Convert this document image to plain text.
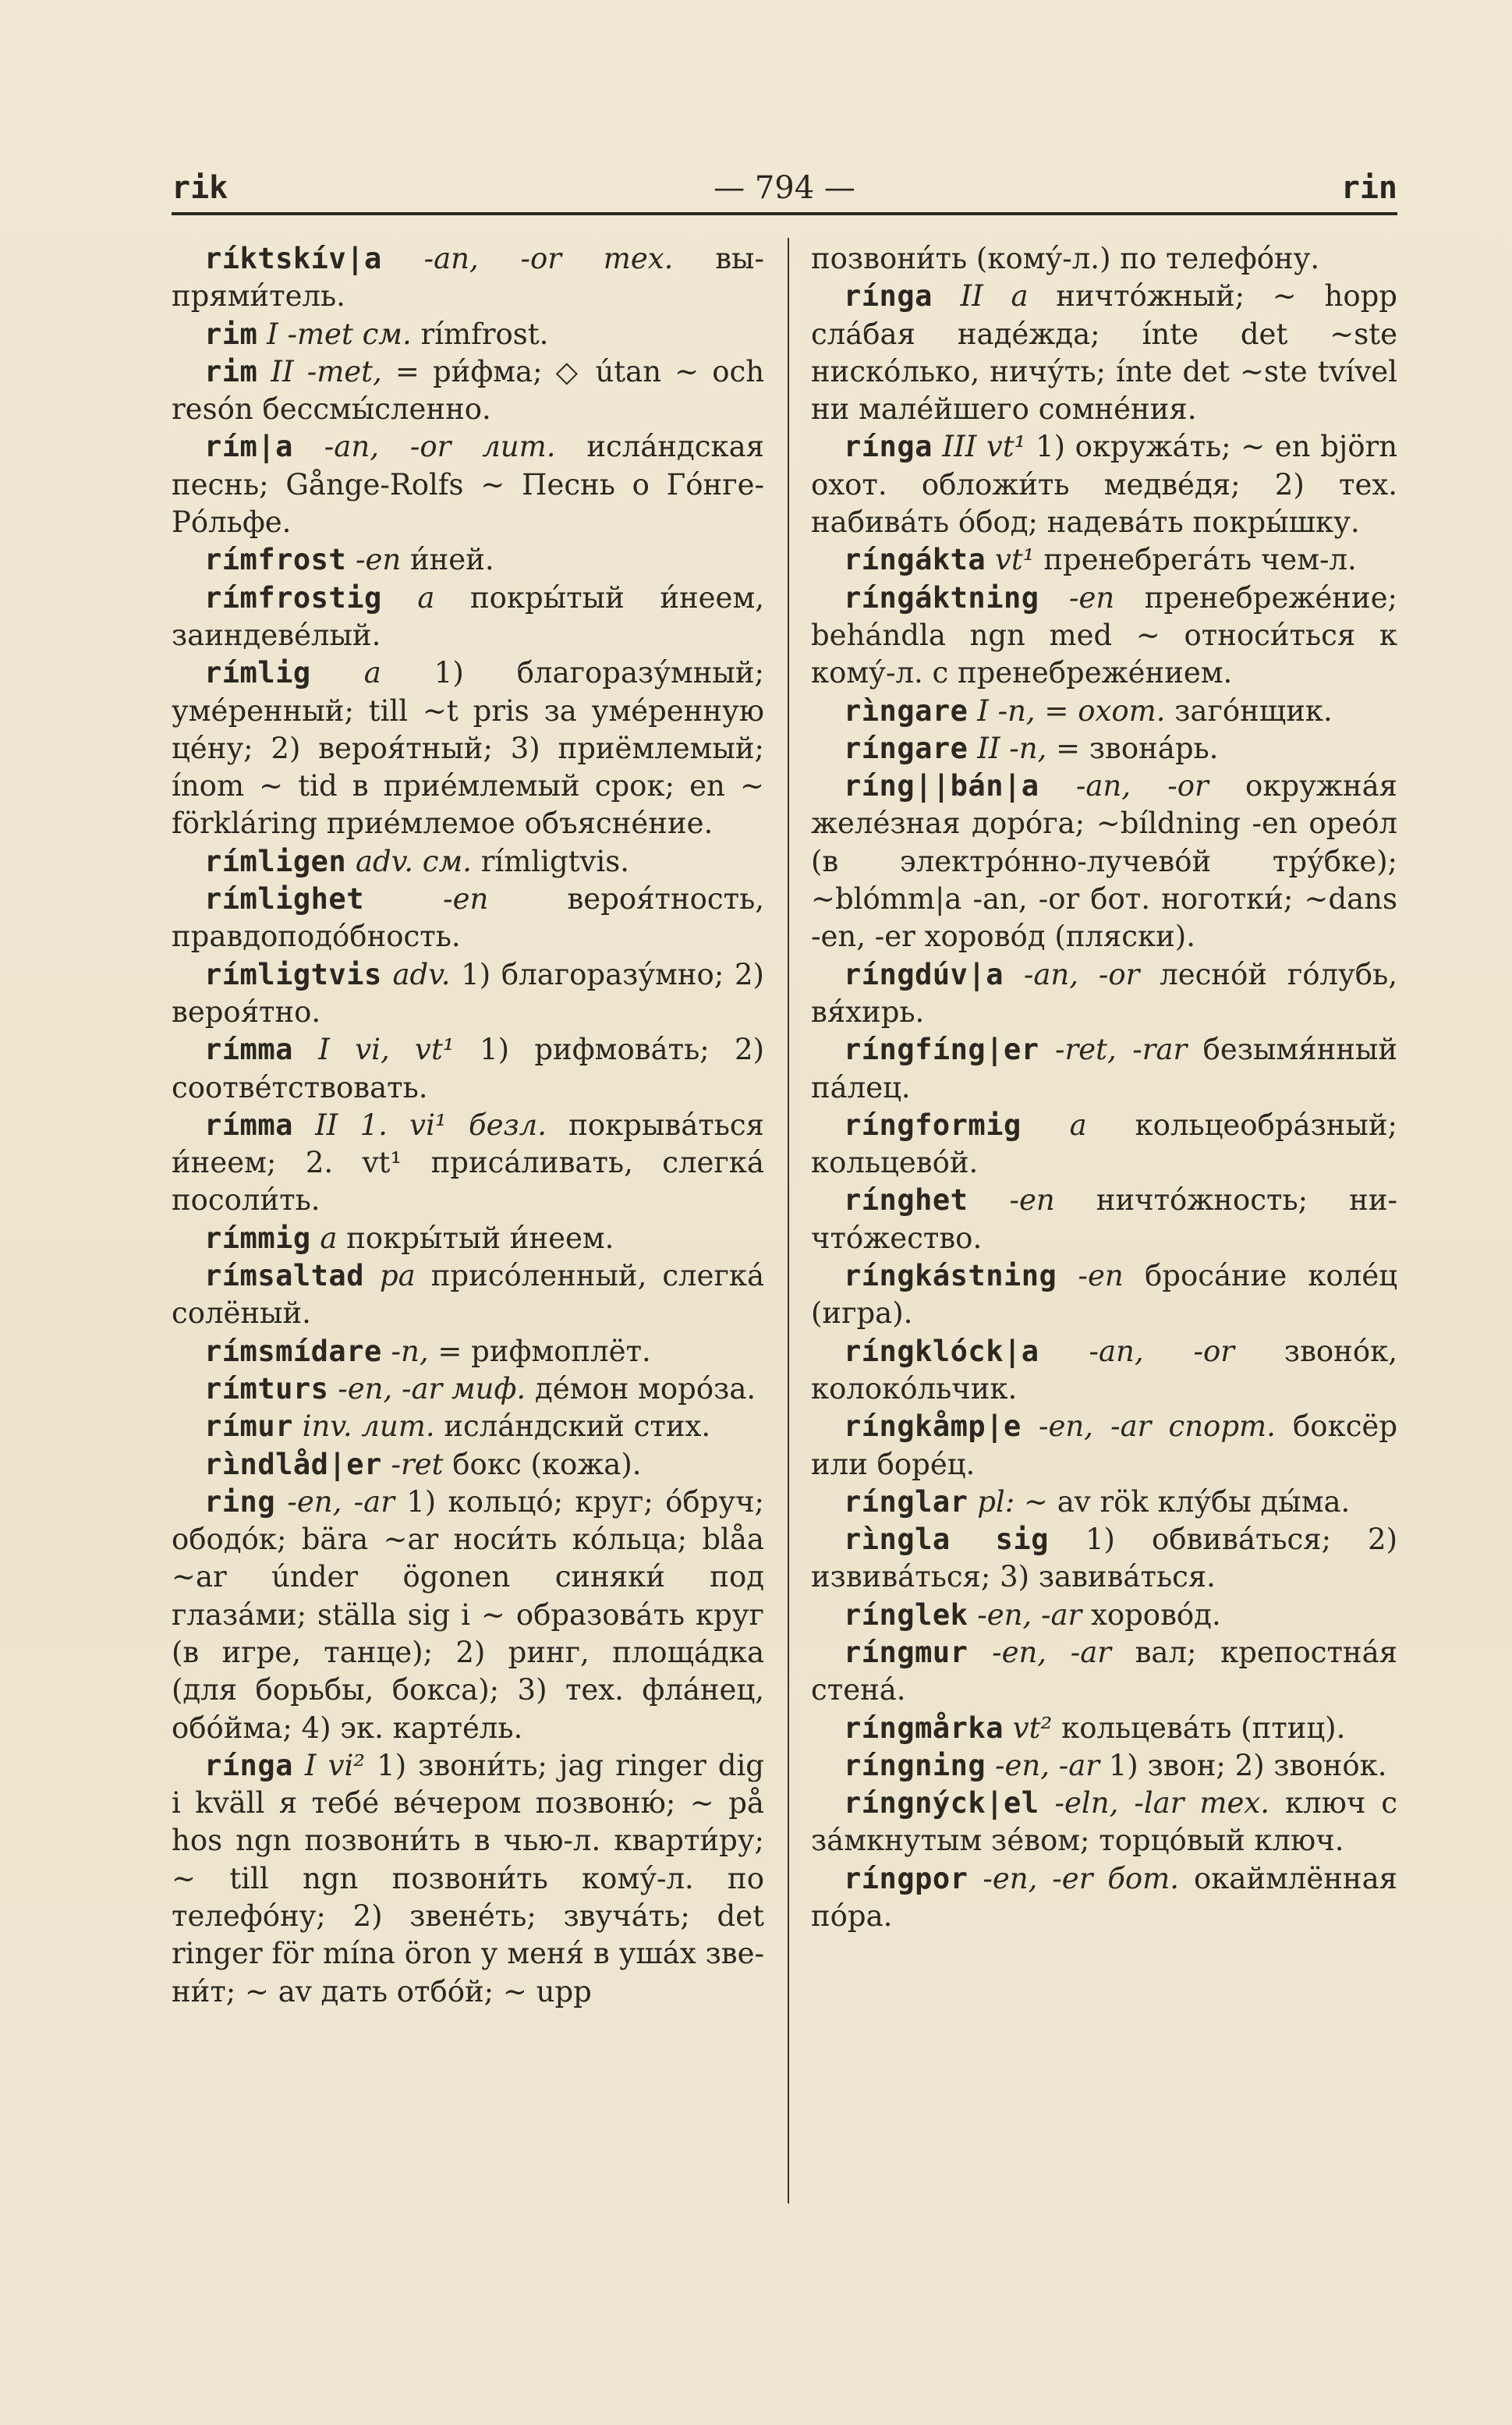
rik	— 794 —	rin

ríktskív|a -an, -or тех. выпрями́тель.

rim I -met см. rímfrost.

rim II -met, = ри́фма; ◇ útan ~ och resón бессмы́сленно.

rím|a -an, -or лит. исла́ндская песнь; Gånge-Rolfs ~ Песнь о Го́нге-Ро́льфе.

rímfrost -en и́ней.

rímfrostig a покры́тый и́неем, заиндеве́лый.

rímlig a 1) благоразу́мный; уме́ренный; till ~t pris за уме́ренную це́ну; 2) вероя́тный; 3) приёмлемый; ínom ~ tid в прие́млемый срок; en ~ förkláring прие́млемое объясне́ние.

rímligen adv. см. rímligtvis.

rímlighet	-en	вероя́тность, правдоподо́бность.

rímligtvis adv. 1) благоразу́мно; 2) вероя́тно.

rímma I vi, vt¹ 1) рифмова́ть; 2) соотве́тствовать.

rímma II 1. vi¹ безл. покрыва́ться и́неем; 2. vt¹ приса́ливать, слегка́ посоли́ть.

rímmig a покры́тый и́неем.

rímsaltad pa присо́ленный, слегка́ солёный.

rímsmídare -n, = рифмоплёт.

rímturs -en, -ar миф. де́мон моро́за.

rímur inv. лит. исла́ндский стих.

rìndlåd|er -ret бокс (кожа).

ring -en, -ar 1) кольцо́; круг; о́бруч; ободо́к; bära ~ar носи́ть ко́льца; blåa ~ar únder ögonen синяки́ под глаза́ми; ställa sig i ~ образова́ть круг (в игре, танце); 2) ринг, площа́дка (для борьбы, бокса); 3) тех. фла́нец, обо́йма; 4) эк. карте́ль.

rínga I vi² 1) звони́ть; jag ringer dig i kväll я тебе́ ве́чером позвоню́; ~ på hos ngn позвони́ть в чью-л. кварти́ру; ~ till ngn позвони́ть кому́-л. по телефо́ну; 2) звене́ть; звуча́ть; det ringer för mína öron у меня́ в уша́х звени́т; ~ av дать отбо́й; ~ upp

позвони́ть (кому́-л.) по телефо́ну.

rínga II a ничто́жный; ~ hopp сла́бая наде́жда; ínte det ~ste ниско́лько, ничу́ть; ínte det ~ste tvível ни мале́йшего сомне́ния.

rínga III vt¹ 1) окружа́ть; ~ en björn охот. обложи́ть медве́дя; 2) тех. набива́ть о́бод; надева́ть покры́шку.

ríngákta vt¹ пренебрега́ть чем-л.

ríngáktning -en пренебреже́ние; behándla ngn med ~ относи́ться к кому́-л. с пренебреже́нием.

rìngare I -n, = охот. заго́нщик.

ríngare II -n, = звона́рь.

ríng||bán|a -an, -or окружна́я желе́зная доро́га; ~bíldning -en орео́л (в электро́нно-лучево́й тру́бке); ~blómm|a -an, -or бот. ноготки́; ~dans -en, -er хорово́д (пляски).

ríngdúv|a -an, -or лесно́й го́лубь, вя́хирь.

ríngfíng|er -ret, -rar безымя́нный па́лец.

ríngformig a кольцеобра́зный; кольцево́й.

rínghet -en ничто́жность; ничто́жество.

ríngkástning -en броса́ние коле́ц (игра).

ríngklóck|a -an, -or звоно́к, колоко́льчик.

ríngkåmp|e -en, -ar спорт. боксёр или боре́ц.

rínglar pl: ~ av rök клу́бы ды́ма.

rìngla sig 1) обвива́ться; 2) извива́ться; 3) завива́ться.

rínglek -en, -ar хорово́д.

ríngmur -en, -ar вал; крепостна́я стена́.

ríngmårka vt² кольцева́ть (птиц).

ríngning -en, -ar 1) звон; 2) звоно́к.

ríngnýck|el -eln, -lar тех. ключ с за́мкнутым зе́вом; торцо́вый ключ.

ríngpor -en, -er бот. окаймлённая по́ра.
